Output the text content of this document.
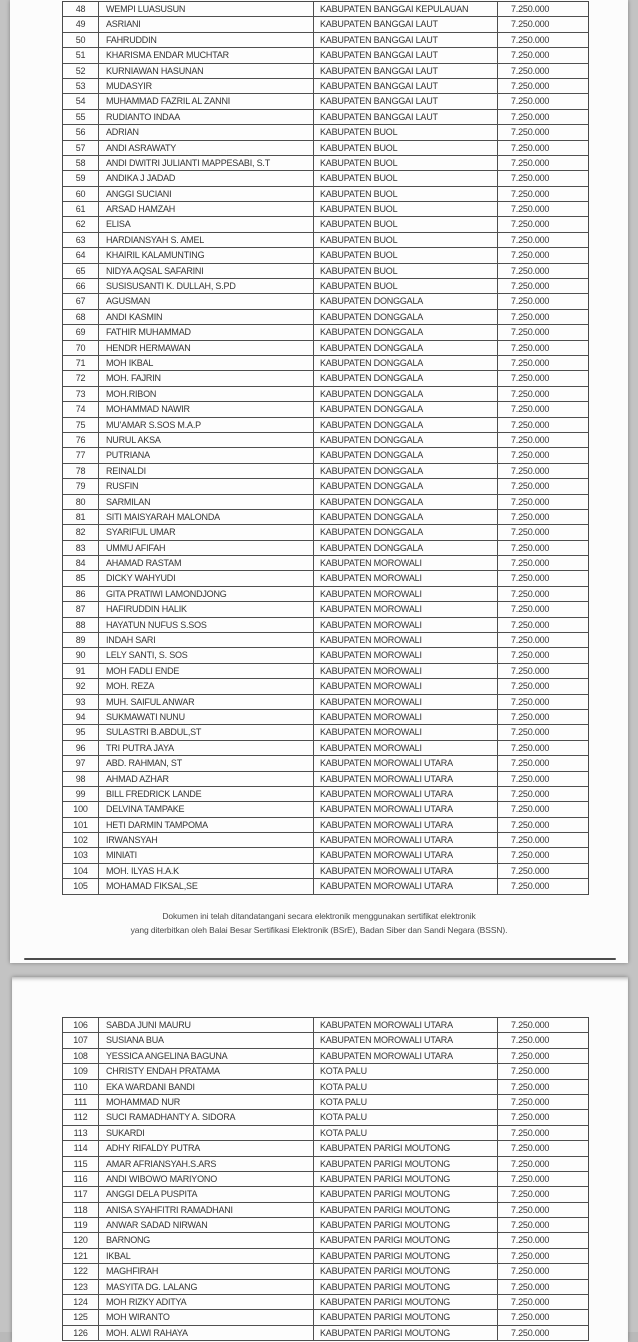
48	WEMPI LUASUSUN	KABUPATEN BANGGAI KEPULAUAN	7.250.000
49	ASRIANI	KABUPATEN BANGGAI LAUT	7.250.000
50	FAHRUDDIN	KABUPATEN BANGGAI LAUT	7.250.000
51	KHARISMA ENDAR MUCHTAR	KABUPATEN BANGGAI LAUT	7.250.000
52	KURNIAWAN HASUNAN	KABUPATEN BANGGAI LAUT	7.250.000
53	MUDASYIR	KABUPATEN BANGGAI LAUT	7.250.000
54	MUHAMMAD FAZRIL AL ZANNI	KABUPATEN BANGGAI LAUT	7.250.000
55	RUDIANTO INDAA	KABUPATEN BANGGAI LAUT	7.250.000
56	ADRIAN	KABUPATEN BUOL	7.250.000
57	ANDI ASRAWATY	KABUPATEN BUOL	7.250.000
58	ANDI DWITRI JULIANTI MAPPESABI, S.T	KABUPATEN BUOL	7.250.000
59	ANDIKA J JADAD	KABUPATEN BUOL	7.250.000
60	ANGGI SUCIANI	KABUPATEN BUOL	7.250.000
61	ARSAD HAMZAH	KABUPATEN BUOL	7.250.000
62	ELISA	KABUPATEN BUOL	7.250.000
63	HARDIANSYAH S. AMEL	KABUPATEN BUOL	7.250.000
64	KHAIRIL KALAMUNTING	KABUPATEN BUOL	7.250.000
65	NIDYA AQSAL SAFARINI	KABUPATEN BUOL	7.250.000
66	SUSISUSANTI K. DULLAH, S.PD	KABUPATEN BUOL	7.250.000
67	AGUSMAN	KABUPATEN DONGGALA	7.250.000
68	ANDI KASMIN	KABUPATEN DONGGALA	7.250.000
69	FATHIR MUHAMMAD	KABUPATEN DONGGALA	7.250.000
70	HENDR HERMAWAN	KABUPATEN DONGGALA	7.250.000
71	MOH IKBAL	KABUPATEN DONGGALA	7.250.000
72	MOH. FAJRIN	KABUPATEN DONGGALA	7.250.000
73	MOH.RIBON	KABUPATEN DONGGALA	7.250.000
74	MOHAMMAD NAWIR	KABUPATEN DONGGALA	7.250.000
75	MU'AMAR S.SOS M.A.P	KABUPATEN DONGGALA	7.250.000
76	NURUL AKSA	KABUPATEN DONGGALA	7.250.000
77	PUTRIANA	KABUPATEN DONGGALA	7.250.000
78	REINALDI	KABUPATEN DONGGALA	7.250.000
79	RUSFIN	KABUPATEN DONGGALA	7.250.000
80	SARMILAN	KABUPATEN DONGGALA	7.250.000
81	SITI MAISYARAH MALONDA	KABUPATEN DONGGALA	7.250.000
82	SYARIFUL UMAR	KABUPATEN DONGGALA	7.250.000
83	UMMU AFIFAH	KABUPATEN DONGGALA	7.250.000
84	AHAMAD RASTAM	KABUPATEN MOROWALI	7.250.000
85	DICKY WAHYUDI	KABUPATEN MOROWALI	7.250.000
86	GITA PRATIWI LAMONDJONG	KABUPATEN MOROWALI	7.250.000
87	HAFIRUDDIN HALIK	KABUPATEN MOROWALI	7.250.000
88	HAYATUN NUFUS S.SOS	KABUPATEN MOROWALI	7.250.000
89	INDAH SARI	KABUPATEN MOROWALI	7.250.000
90	LELY SANTI, S. SOS	KABUPATEN MOROWALI	7.250.000
91	MOH FADLI ENDE	KABUPATEN MOROWALI	7.250.000
92	MOH. REZA	KABUPATEN MOROWALI	7.250.000
93	MUH. SAIFUL ANWAR	KABUPATEN MOROWALI	7.250.000
94	SUKMAWATI NUNU	KABUPATEN MOROWALI	7.250.000
95	SULASTRI B.ABDUL,ST	KABUPATEN MOROWALI	7.250.000
96	TRI PUTRA JAYA	KABUPATEN MOROWALI	7.250.000
97	ABD. RAHMAN, ST	KABUPATEN MOROWALI UTARA	7.250.000
98	AHMAD AZHAR	KABUPATEN MOROWALI UTARA	7.250.000
99	BILL FREDRICK LANDE	KABUPATEN MOROWALI UTARA	7.250.000
100	DELVINA TAMPAKE	KABUPATEN MOROWALI UTARA	7.250.000
101	HETI DARMIN TAMPOMA	KABUPATEN MOROWALI UTARA	7.250.000
102	IRWANSYAH	KABUPATEN MOROWALI UTARA	7.250.000
103	MINIATI	KABUPATEN MOROWALI UTARA	7.250.000
104	MOH. ILYAS H.A.K	KABUPATEN MOROWALI UTARA	7.250.000
105	MOHAMAD FIKSAL,SE	KABUPATEN MOROWALI UTARA	7.250.000
Dokumen ini telah ditandatangani secara elektronik menggunakan sertifikat elektronik
yang diterbitkan oleh Balai Besar Sertifikasi Elektronik (BSrE), Badan Siber dan Sandi Negara (BSSN).
106	SABDA JUNI MAURU	KABUPATEN MOROWALI UTARA	7.250.000
107	SUSIANA BUA	KABUPATEN MOROWALI UTARA	7.250.000
108	YESSICA ANGELINA BAGUNA	KABUPATEN MOROWALI UTARA	7.250.000
109	CHRISTY ENDAH PRATAMA	KOTA PALU	7.250.000
110	EKA WARDANI BANDI	KOTA PALU	7.250.000
111	MOHAMMAD NUR	KOTA PALU	7.250.000
112	SUCI RAMADHANTY A. SIDORA	KOTA PALU	7.250.000
113	SUKARDI	KOTA PALU	7.250.000
114	ADHY RIFALDY PUTRA	KABUPATEN PARIGI MOUTONG	7.250.000
115	AMAR AFRIANSYAH.S.ARS	KABUPATEN PARIGI MOUTONG	7.250.000
116	ANDI WIBOWO MARIYONO	KABUPATEN PARIGI MOUTONG	7.250.000
117	ANGGI DELA PUSPITA	KABUPATEN PARIGI MOUTONG	7.250.000
118	ANISA SYAHFITRI RAMADHANI	KABUPATEN PARIGI MOUTONG	7.250.000
119	ANWAR SADAD NIRWAN	KABUPATEN PARIGI MOUTONG	7.250.000
120	BARNONG	KABUPATEN PARIGI MOUTONG	7.250.000
121	IKBAL	KABUPATEN PARIGI MOUTONG	7.250.000
122	MAGHFIRAH	KABUPATEN PARIGI MOUTONG	7.250.000
123	MASYITA DG. LALANG	KABUPATEN PARIGI MOUTONG	7.250.000
124	MOH RIZKY ADITYA	KABUPATEN PARIGI MOUTONG	7.250.000
125	MOH WIRANTO	KABUPATEN PARIGI MOUTONG	7.250.000
126	MOH. ALWI RAHAYA	KABUPATEN PARIGI MOUTONG	7.250.000
